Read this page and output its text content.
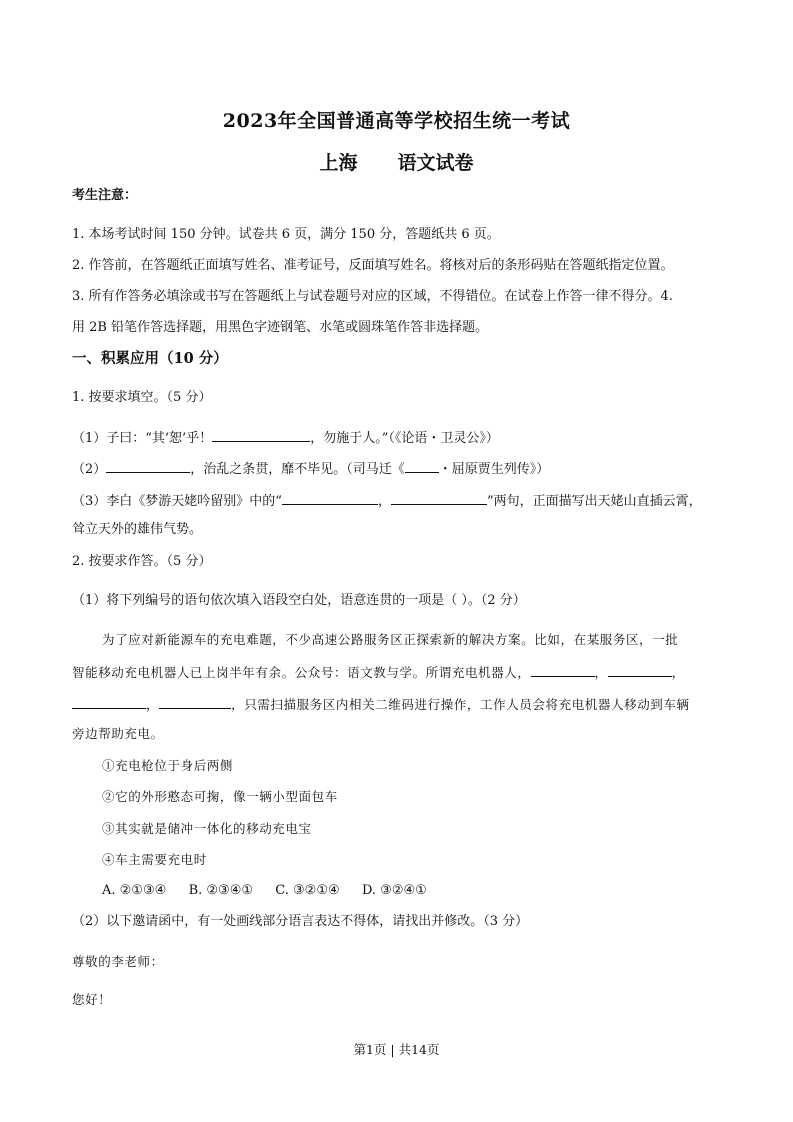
2023年全国普通高等学校招生统一考试
上海 语文试卷
考生注意：
1. 本场考试时间 150 分钟。试卷共 6 页，满分 150 分，答题纸共 6 页。
2. 作答前，在答题纸正面填写姓名、准考证号，反面填写姓名。将核对后的条形码贴在答题纸指定位置。
3. 所有作答务必填涂或书写在答题纸上与试卷题号对应的区域，不得错位。在试卷上作答一律不得分。4.
用 2B 铅笔作答选择题，用黑色字迹钢笔、水笔或圆珠笔作答非选择题。
一、积累应用（10 分）
1. 按要求填空。（5 分）
（1）子曰：“其‘恕’乎！	，勿施于人。”（《论语・卫灵公》）
（2）	，治乱之条贯，靡不毕见。（司马迁《	・屈原贾生列传》）
（3）李白《梦游天姥吟留别》中的“	，	”两句，正面描写出天姥山直插云霄，
耸立天外的雄伟气势。
2. 按要求作答。（5 分）
（1）将下列编号的语句依次填入语段空白处，语意连贯的一项是（ ）。（2 分）
为了应对新能源车的充电难题，不少高速公路服务区正探索新的解决方案。比如，在某服务区，一批
智能移动充电机器人已上岗半年有余。公众号：语文教与学。所谓充电机器人，	，	，
，	，只需扫描服务区内相关二维码进行操作，工作人员会将充电机器人移动到车辆
旁边帮助充电。
①充电枪位于身后两侧
②它的外形憨态可掬，像一辆小型面包车
③其实就是储冲一体化的移动充电宝
④车主需要充电时
A. ②①③④ B. ②③④① C. ③②①④ D. ③②④①
（2）以下邀请函中，有一处画线部分语言表达不得体，请找出并修改。（3 分）
尊敬的李老师：
您好！
第1页 | 共14页
